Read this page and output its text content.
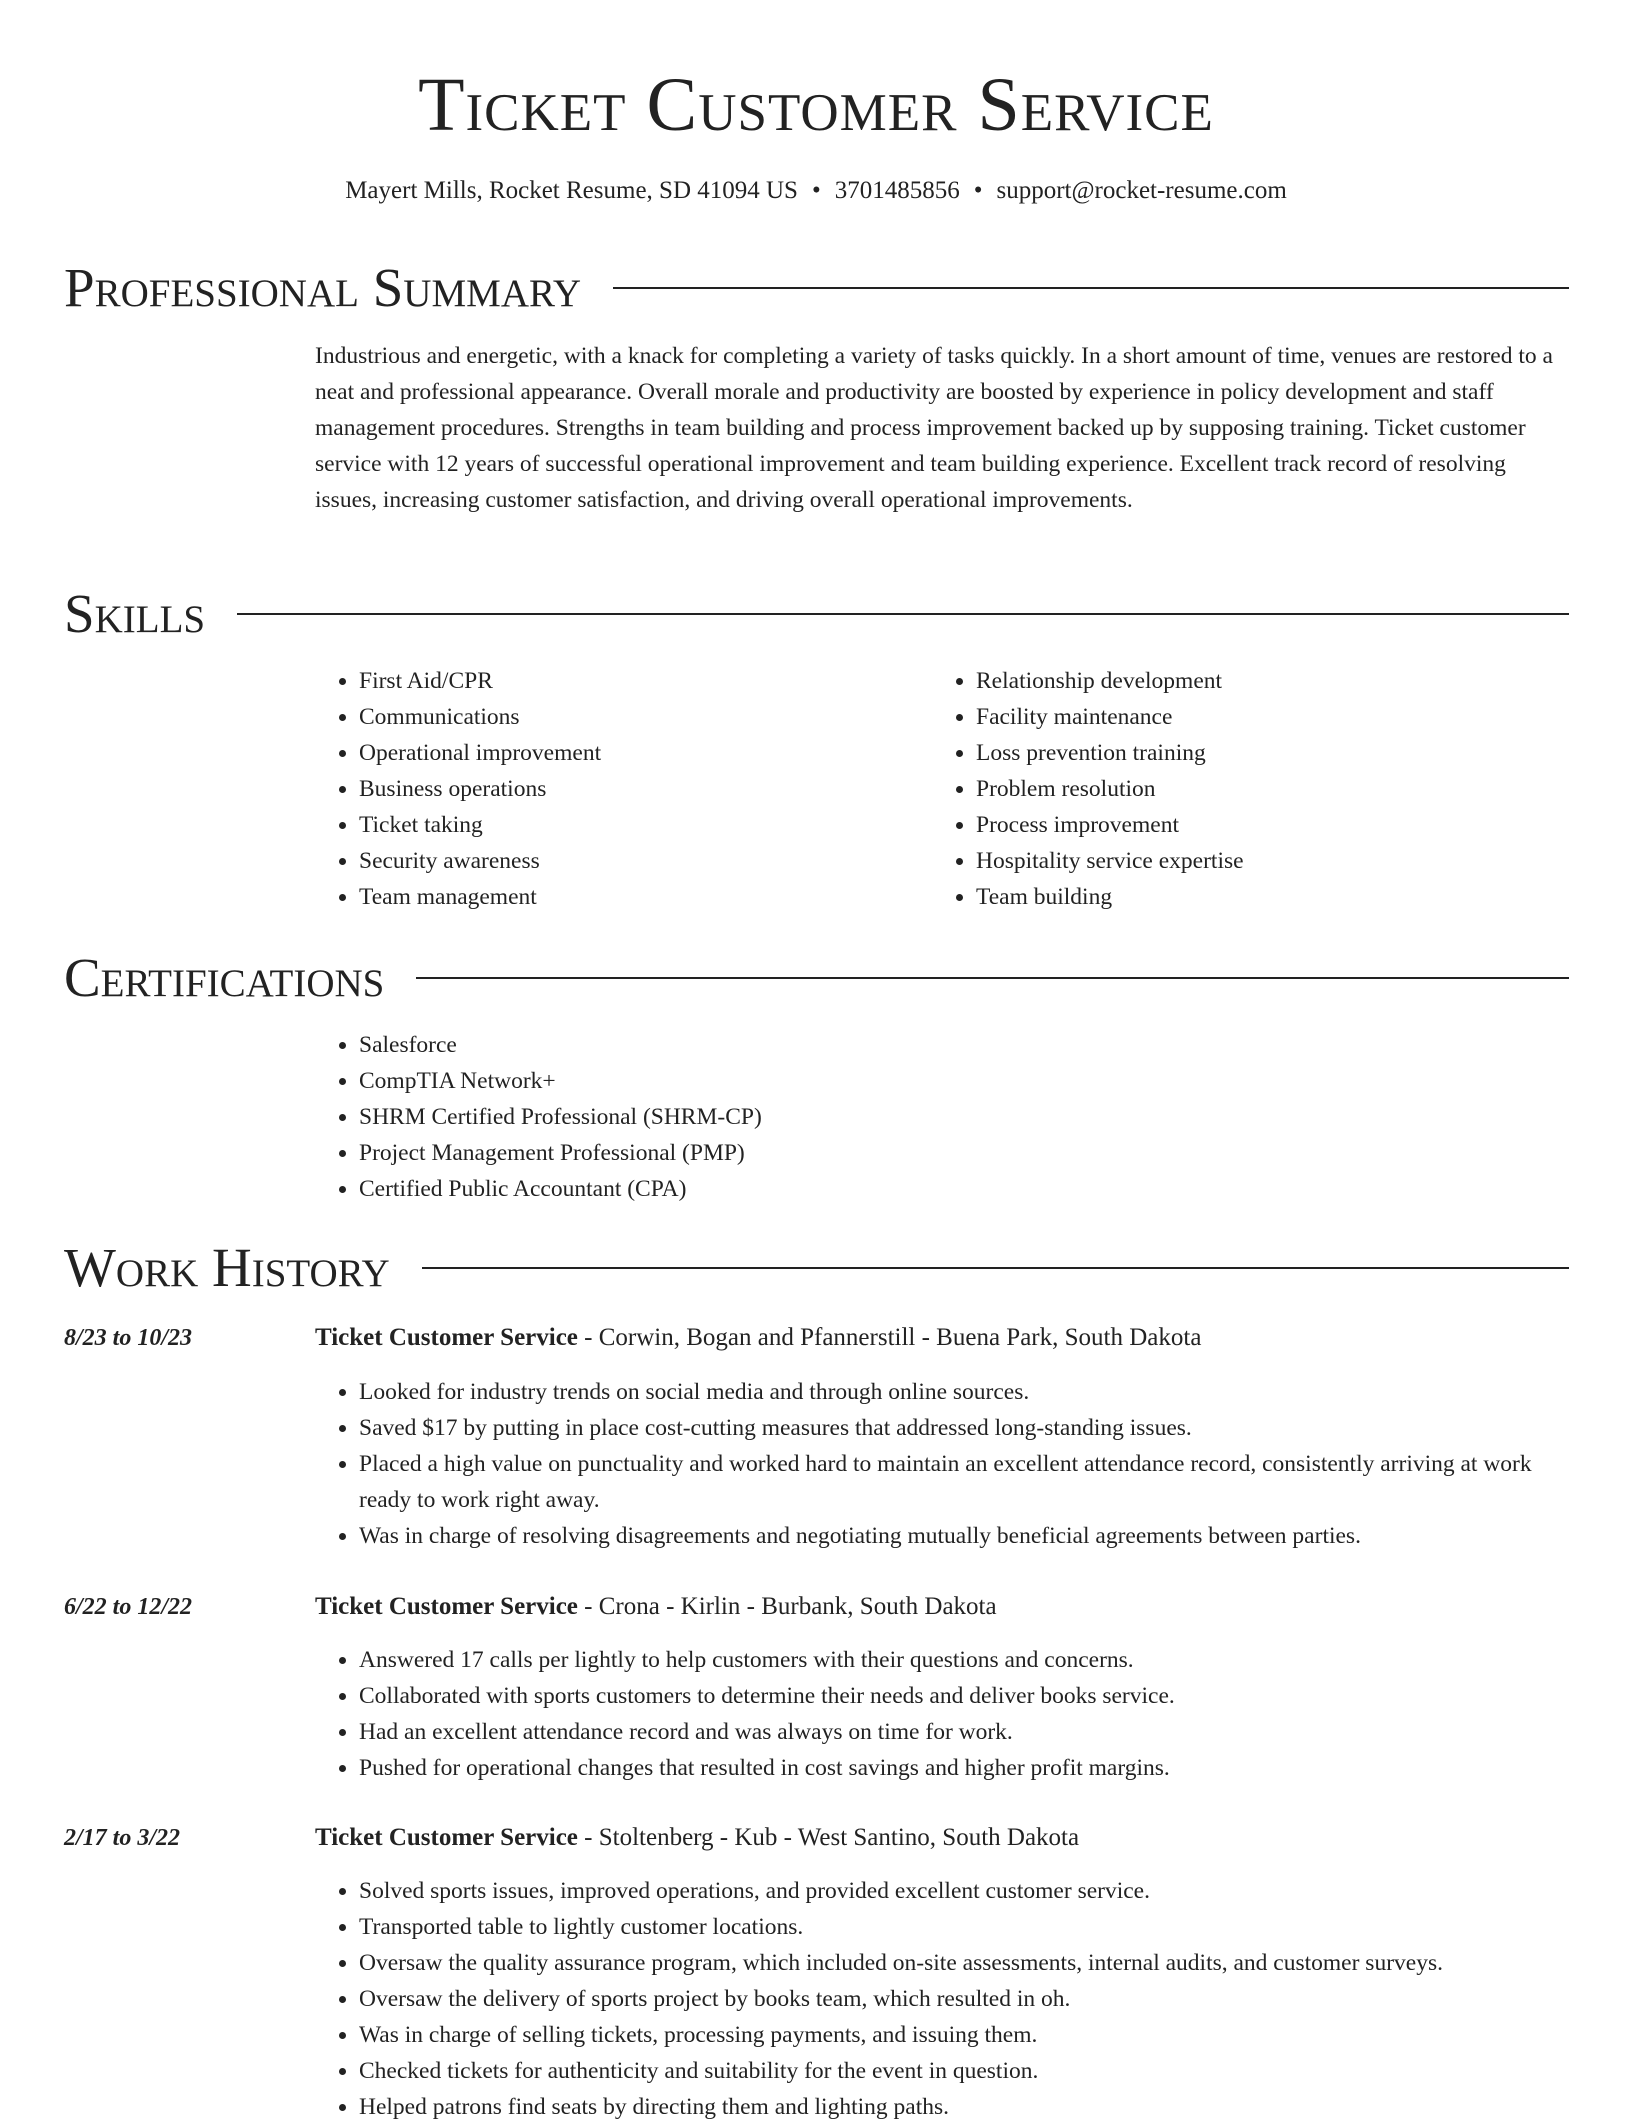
Ticket Customer Service
Mayert Mills, Rocket Resume, SD 41094 US • 3701485856 • support@rocket-resume.com
Professional Summary

Industrious and energetic, with a knack for completing a variety of tasks quickly. In a short amount of time, venues are restored to a neat and professional appearance. Overall morale and productivity are boosted by experience in policy development and staff management procedures. Strengths in team building and process improvement backed up by supposing training. Ticket customer service with 12 years of successful operational improvement and team building experience. Excellent track record of resolving issues, increasing customer satisfaction, and driving overall operational improvements.

Skills
• First Aid/CPR
• Communications
• Operational improvement
• Business operations
• Ticket taking
• Security awareness
• Team management
• Relationship development
• Facility maintenance
• Loss prevention training
• Problem resolution
• Process improvement
• Hospitality service expertise
• Team building
Certifications
• Salesforce
• CompTIA Network+
• SHRM Certified Professional (SHRM-CP)
• Project Management Professional (PMP)
• Certified Public Accountant (CPA)
Work History
8/23 to 10/23	Ticket Customer Service - Corwin, Bogan and Pfannerstill - Buena Park, South Dakota
• Looked for industry trends on social media and through online sources.
• Saved $17 by putting in place cost-cutting measures that addressed long-standing issues.
• Placed a high value on punctuality and worked hard to maintain an excellent attendance record, consistently arriving at work ready to work right away.
• Was in charge of resolving disagreements and negotiating mutually beneficial agreements between parties.
6/22 to 12/22	Ticket Customer Service - Crona - Kirlin - Burbank, South Dakota
• Answered 17 calls per lightly to help customers with their questions and concerns.
• Collaborated with sports customers to determine their needs and deliver books service.
• Had an excellent attendance record and was always on time for work.
• Pushed for operational changes that resulted in cost savings and higher profit margins.
2/17 to 3/22	Ticket Customer Service - Stoltenberg - Kub - West Santino, South Dakota
• Solved sports issues, improved operations, and provided excellent customer service.
• Transported table to lightly customer locations.
• Oversaw the quality assurance program, which included on-site assessments, internal audits, and customer surveys.
• Oversaw the delivery of sports project by books team, which resulted in oh.
• Was in charge of selling tickets, processing payments, and issuing them.
• Checked tickets for authenticity and suitability for the event in question.
• Helped patrons find seats by directing them and lighting paths.
